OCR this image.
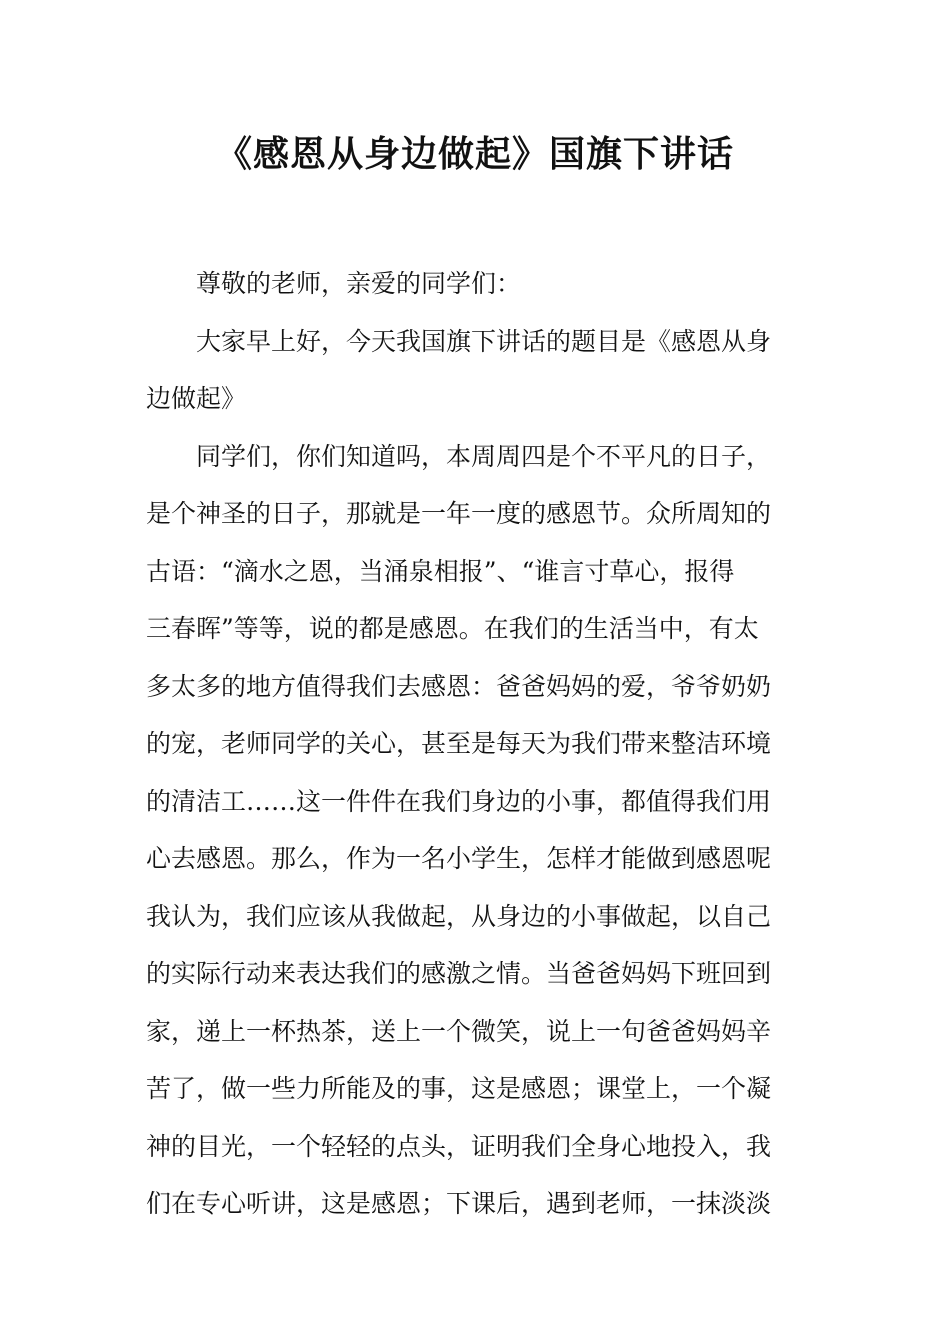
《感恩从身边做起》国旗下讲话
尊敬的老师，亲爱的同学们：
大家早上好，今天我国旗下讲话的题目是《感恩从身
边做起》
同学们，你们知道吗，本周周四是个不平凡的日子，
是个神圣的日子，那就是一年一度的感恩节。众所周知的
古语：“滴水之恩，当涌泉相报”、“谁言寸草心，报得
三春晖”等等，说的都是感恩。在我们的生活当中，有太
多太多的地方值得我们去感恩：爸爸妈妈的爱，爷爷奶奶
的宠，老师同学的关心，甚至是每天为我们带来整洁环境
的清洁工……这一件件在我们身边的小事，都值得我们用
心去感恩。那么，作为一名小学生，怎样才能做到感恩呢
我认为，我们应该从我做起，从身边的小事做起，以自己
的实际行动来表达我们的感激之情。当爸爸妈妈下班回到
家，递上一杯热茶，送上一个微笑，说上一句爸爸妈妈辛
苦了，做一些力所能及的事，这是感恩；课堂上，一个凝
神的目光，一个轻轻的点头，证明我们全身心地投入，我
们在专心听讲，这是感恩；下课后，遇到老师，一抹淡淡
